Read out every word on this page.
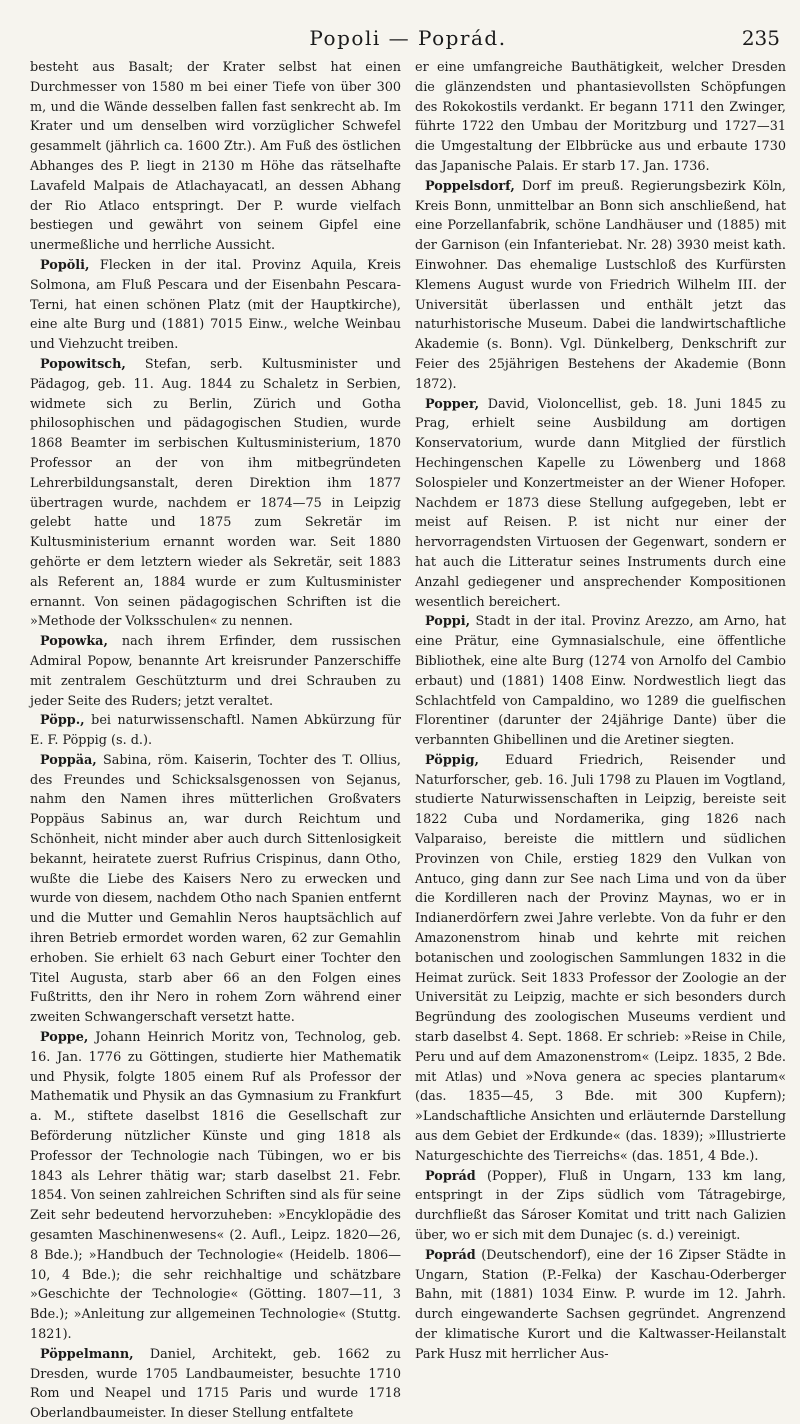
Popoli — Poprád.	235

besteht aus Basalt; der Krater selbst hat einen Durchmesser von 1580 m bei einer Tiefe von über 300 m, und die Wände desselben fallen fast senkrecht ab. Im Krater und um denselben wird vorzüglicher Schwefel gesammelt (jährlich ca. 1600 Ztr.). Am Fuß des östlichen Abhanges des P. liegt in 2130 m Höhe das rätselhafte Lavafeld Malpais de Atlachayacatl, an dessen Abhang der Rio Atlaco entspringt. Der P. wurde vielfach bestiegen und gewährt von seinem Gipfel eine unermeßliche und herrliche Aussicht.

Popŏli, Flecken in der ital. Provinz Aquila, Kreis Solmona, am Fluß Pescara und der Eisenbahn Pescara-Terni, hat einen schönen Platz (mit der Hauptkirche), eine alte Burg und (1881) 7015 Einw., welche Weinbau und Viehzucht treiben.

Popowitsch, Stefan, serb. Kultusminister und Pädagog, geb. 11. Aug. 1844 zu Schaletz in Serbien, widmete sich zu Berlin, Zürich und Gotha philosophischen und pädagogischen Studien, wurde 1868 Beamter im serbischen Kultusministerium, 1870 Professor an der von ihm mitbegründeten Lehrerbildungsanstalt, deren Direktion ihm 1877 übertragen wurde, nachdem er 1874—75 in Leipzig gelebt hatte und 1875 zum Sekretär im Kultusministerium ernannt worden war. Seit 1880 gehörte er dem letztern wieder als Sekretär, seit 1883 als Referent an, 1884 wurde er zum Kultusminister ernannt. Von seinen pädagogischen Schriften ist die »Methode der Volksschulen« zu nennen.

Popowka, nach ihrem Erfinder, dem russischen Admiral Popow, benannte Art kreisrunder Panzerschiffe mit zentralem Geschützturm und drei Schrauben zu jeder Seite des Ruders; jetzt veraltet.

Pöpp., bei naturwissenschaftl. Namen Abkürzung für E. F. Pöppig (s. d.).

Poppäa, Sabina, röm. Kaiserin, Tochter des T. Ollius, des Freundes und Schicksalsgenossen von Sejanus, nahm den Namen ihres mütterlichen Großvaters Poppäus Sabinus an, war durch Reichtum und Schönheit, nicht minder aber auch durch Sittenlosigkeit bekannt, heiratete zuerst Rufrius Crispinus, dann Otho, wußte die Liebe des Kaisers Nero zu erwecken und wurde von diesem, nachdem Otho nach Spanien entfernt und die Mutter und Gemahlin Neros hauptsächlich auf ihren Betrieb ermordet worden waren, 62 zur Gemahlin erhoben. Sie erhielt 63 nach Geburt einer Tochter den Titel Augusta, starb aber 66 an den Folgen eines Fußtritts, den ihr Nero in rohem Zorn während einer zweiten Schwangerschaft versetzt hatte.

Poppe, Johann Heinrich Moritz von, Technolog, geb. 16. Jan. 1776 zu Göttingen, studierte hier Mathematik und Physik, folgte 1805 einem Ruf als Professor der Mathematik und Physik an das Gymnasium zu Frankfurt a. M., stiftete daselbst 1816 die Gesellschaft zur Beförderung nützlicher Künste und ging 1818 als Professor der Technologie nach Tübingen, wo er bis 1843 als Lehrer thätig war; starb daselbst 21. Febr. 1854. Von seinen zahlreichen Schriften sind als für seine Zeit sehr bedeutend hervorzuheben: »Encyklopädie des gesamten Maschinenwesens« (2. Aufl., Leipz. 1820—26, 8 Bde.); »Handbuch der Technologie« (Heidelb. 1806—10, 4 Bde.); die sehr reichhaltige und schätzbare »Geschichte der Technologie« (Götting. 1807—11, 3 Bde.); »Anleitung zur allgemeinen Technologie« (Stuttg. 1821).

Pöppelmann, Daniel, Architekt, geb. 1662 zu Dresden, wurde 1705 Landbaumeister, besuchte 1710 Rom und Neapel und 1715 Paris und wurde 1718 Oberlandbaumeister. In dieser Stellung entfaltete

er eine umfangreiche Bauthätigkeit, welcher Dresden die glänzendsten und phantasievollsten Schöpfungen des Rokokostils verdankt. Er begann 1711 den Zwinger, führte 1722 den Umbau der Moritzburg und 1727—31 die Umgestaltung der Elbbrücke aus und erbaute 1730 das Japanische Palais. Er starb 17. Jan. 1736.

Poppelsdorf, Dorf im preuß. Regierungsbezirk Köln, Kreis Bonn, unmittelbar an Bonn sich anschließend, hat eine Porzellanfabrik, schöne Landhäuser und (1885) mit der Garnison (ein Infanteriebat. Nr. 28) 3930 meist kath. Einwohner. Das ehemalige Lustschloß des Kurfürsten Klemens August wurde von Friedrich Wilhelm III. der Universität überlassen und enthält jetzt das naturhistorische Museum. Dabei die landwirtschaftliche Akademie (s. Bonn). Vgl. Dünkelberg, Denkschrift zur Feier des 25jährigen Bestehens der Akademie (Bonn 1872).

Popper, David, Violoncellist, geb. 18. Juni 1845 zu Prag, erhielt seine Ausbildung am dortigen Konservatorium, wurde dann Mitglied der fürstlich Hechingenschen Kapelle zu Löwenberg und 1868 Solospieler und Konzertmeister an der Wiener Hofoper. Nachdem er 1873 diese Stellung aufgegeben, lebt er meist auf Reisen. P. ist nicht nur einer der hervorragendsten Virtuosen der Gegenwart, sondern er hat auch die Litteratur seines Instruments durch eine Anzahl gediegener und ansprechender Kompositionen wesentlich bereichert.

Poppi, Stadt in der ital. Provinz Arezzo, am Arno, hat eine Prätur, eine Gymnasialschule, eine öffentliche Bibliothek, eine alte Burg (1274 von Arnolfo del Cambio erbaut) und (1881) 1408 Einw. Nordwestlich liegt das Schlachtfeld von Campaldino, wo 1289 die guelfischen Florentiner (darunter der 24jährige Dante) über die verbannten Ghibellinen und die Aretiner siegten.

Pöppig, Eduard Friedrich, Reisender und Naturforscher, geb. 16. Juli 1798 zu Plauen im Vogtland, studierte Naturwissenschaften in Leipzig, bereiste seit 1822 Cuba und Nordamerika, ging 1826 nach Valparaiso, bereiste die mittlern und südlichen Provinzen von Chile, erstieg 1829 den Vulkan von Antuco, ging dann zur See nach Lima und von da über die Kordilleren nach der Provinz Maynas, wo er in Indianerdörfern zwei Jahre verlebte. Von da fuhr er den Amazonenstrom hinab und kehrte mit reichen botanischen und zoologischen Sammlungen 1832 in die Heimat zurück. Seit 1833 Professor der Zoologie an der Universität zu Leipzig, machte er sich besonders durch Begründung des zoologischen Museums verdient und starb daselbst 4. Sept. 1868. Er schrieb: »Reise in Chile, Peru und auf dem Amazonenstrom« (Leipz. 1835, 2 Bde. mit Atlas) und »Nova genera ac species plantarum« (das. 1835—45, 3 Bde. mit 300 Kupfern); »Landschaftliche Ansichten und erläuternde Darstellung aus dem Gebiet der Erdkunde« (das. 1839); »Illustrierte Naturgeschichte des Tierreichs« (das. 1851, 4 Bde.).

Poprád (Popper), Fluß in Ungarn, 133 km lang, entspringt in der Zips südlich vom Tátragebirge, durchfließt das Sároser Komitat und tritt nach Galizien über, wo er sich mit dem Dunajec (s. d.) vereinigt.

Poprád (Deutschendorf), eine der 16 Zipser Städte in Ungarn, Station (P.-Felka) der Kaschau-Oderberger Bahn, mit (1881) 1034 Einw. P. wurde im 12. Jahrh. durch eingewanderte Sachsen gegründet. Angrenzend der klimatische Kurort und die Kaltwasser-Heilanstalt Park Husz mit herrlicher Aus-
